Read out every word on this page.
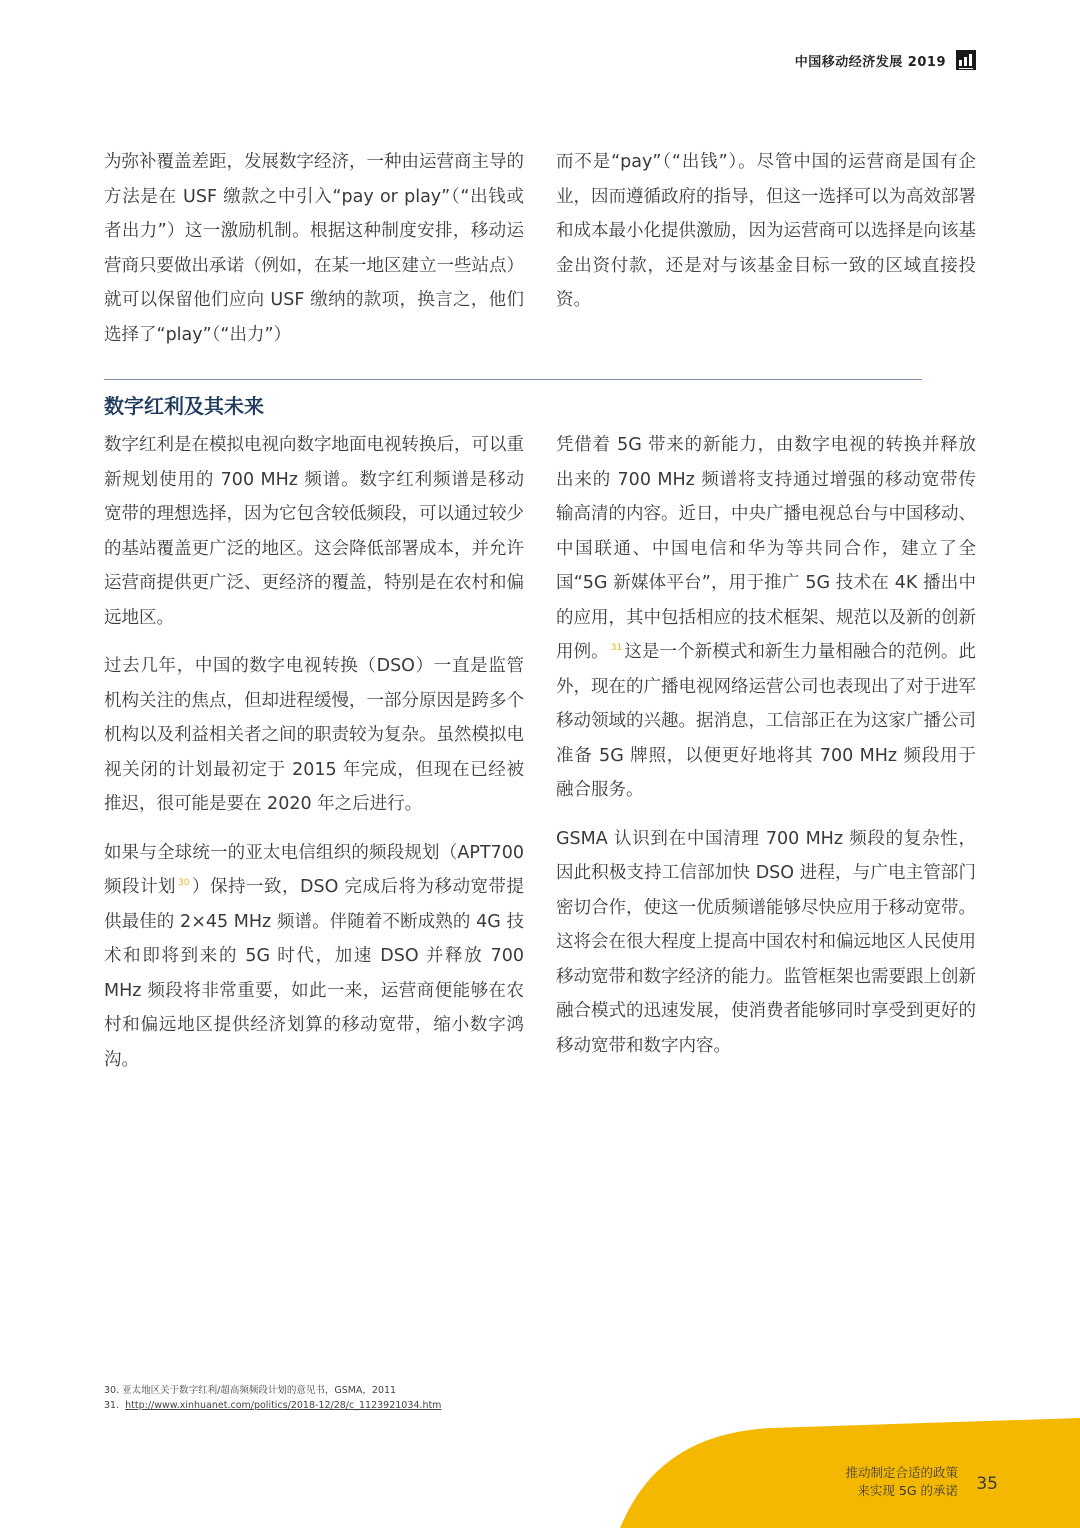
中国移动经济发展 2019

为弥补覆盖差距，发展数字经济，一种由运营商主导的方法是在 USF 缴款之中引入“pay or play”（“出钱或者出力”）这一激励机制。根据这种制度安排，移动运营商只要做出承诺（例如，在某一地区建立一些站点）就可以保留他们应向 USF 缴纳的款项，换言之，他们选择了“play”（“出力”）

而不是“pay”（“出钱”）。尽管中国的运营商是国有企业，因而遵循政府的指导，但这一选择可以为高效部署和成本最小化提供激励，因为运营商可以选择是向该基金出资付款，还是对与该基金目标一致的区域直接投资。

数字红利及其未来

数字红利是在模拟电视向数字地面电视转换后，可以重新规划使用的 700 MHz 频谱。数字红利频谱是移动宽带的理想选择，因为它包含较低频段，可以通过较少的基站覆盖更广泛的地区。这会降低部署成本，并允许运营商提供更广泛、更经济的覆盖，特别是在农村和偏远地区。

过去几年，中国的数字电视转换（DSO）一直是监管机构关注的焦点，但却进程缓慢，一部分原因是跨多个机构以及利益相关者之间的职责较为复杂。虽然模拟电视关闭的计划最初定于 2015 年完成，但现在已经被推迟，很可能是要在 2020 年之后进行。

如果与全球统一的亚太电信组织的频段规划（APT700 频段计划 $^{30}$ ）保持一致，DSO 完成后将为移动宽带提供最佳的 2×45 MHz 频谱。伴随着不断成熟的 4G 技术和即将到来的 5G 时代，加速 DSO 并释放 700 MHz 频段将非常重要，如此一来，运营商便能够在农村和偏远地区提供经济划算的移动宽带，缩小数字鸿沟。

凭借着 5G 带来的新能力，由数字电视的转换并释放出来的 700 MHz 频谱将支持通过增强的移动宽带传输高清的内容。近日，中央广播电视总台与中国移动、中国联通、中国电信和华为等共同合作，建立了全国“5G 新媒体平台”，用于推广 5G 技术在 4K 播出中的应用，其中包括相应的技术框架、规范以及新的创新用例。 $^{31}$ 这是一个新模式和新生力量相融合的范例。此外，现在的广播电视网络运营公司也表现出了对于进军移动领域的兴趣。据消息，工信部正在为这家广播公司准备 5G 牌照，以便更好地将其 700 MHz 频段用于融合服务。

GSMA 认识到在中国清理 700 MHz 频段的复杂性，因此积极支持工信部加快 DSO 进程，与广电主管部门密切合作，使这一优质频谱能够尽快应用于移动宽带。这将会在很大程度上提高中国农村和偏远地区人民使用移动宽带和数字经济的能力。监管框架也需要跟上创新融合模式的迅速发展，使消费者能够同时享受到更好的移动宽带和数字内容。

30. 亚太地区关于数字红利/超高频频段计划的意见书，GSMA，2011
31. http://www.xinhuanet.com/politics/2018-12/28/c_1123921034.htm
推动制定合适的政策
来实现 5G 的承诺 35
